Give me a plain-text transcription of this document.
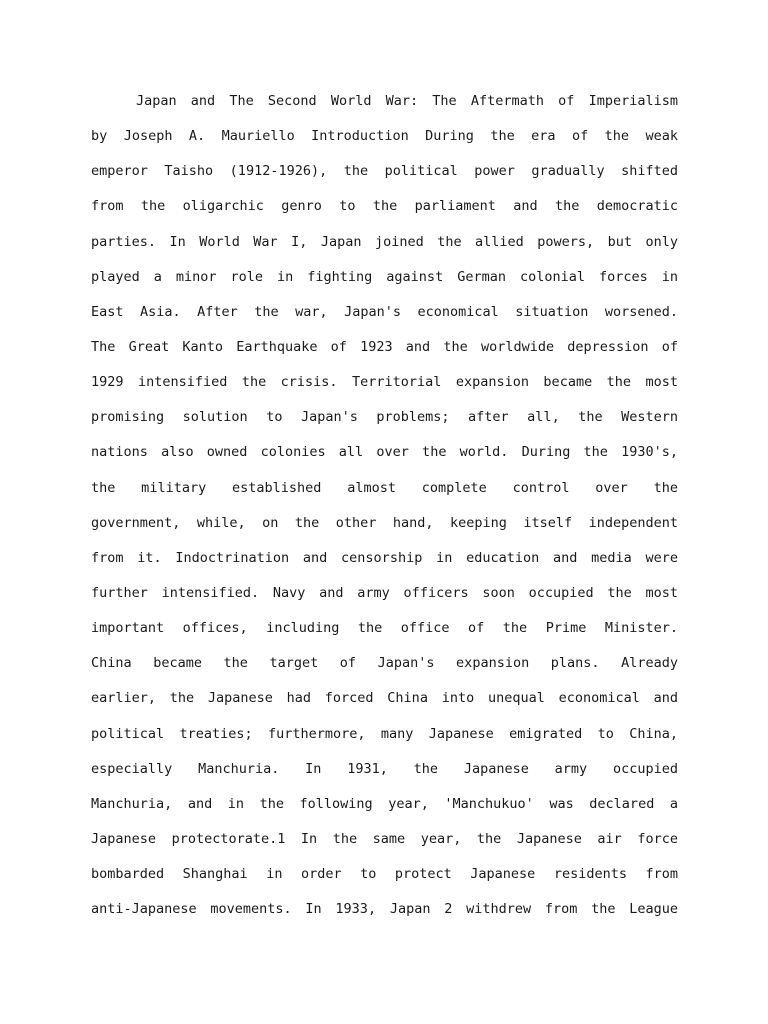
Japan and The Second World War: The Aftermath of Imperialism
by Joseph A. Mauriello Introduction During the era of the weak
emperor Taisho (1912-1926), the political power gradually shifted
from the oligarchic genro to the parliament and the democratic
parties. In World War I, Japan joined the allied powers, but only
played a minor role in fighting against German colonial forces in
East Asia. After the war, Japan's economical situation worsened.
The Great Kanto Earthquake of 1923 and the worldwide depression of
1929 intensified the crisis. Territorial expansion became the most
promising solution to Japan's problems; after all, the Western
nations also owned colonies all over the world. During the 1930's,
the military established almost complete control over the
government, while, on the other hand, keeping itself independent
from it. Indoctrination and censorship in education and media were
further intensified. Navy and army officers soon occupied the most
important offices, including the office of the Prime Minister.
China became the target of Japan's expansion plans. Already
earlier, the Japanese had forced China into unequal economical and
political treaties; furthermore, many Japanese emigrated to China,
especially Manchuria. In 1931, the Japanese army occupied
Manchuria, and in the following year, 'Manchukuo' was declared a
Japanese protectorate.1 In the same year, the Japanese air force
bombarded Shanghai in order to protect Japanese residents from
anti-Japanese movements. In 1933, Japan 2 withdrew from the League
